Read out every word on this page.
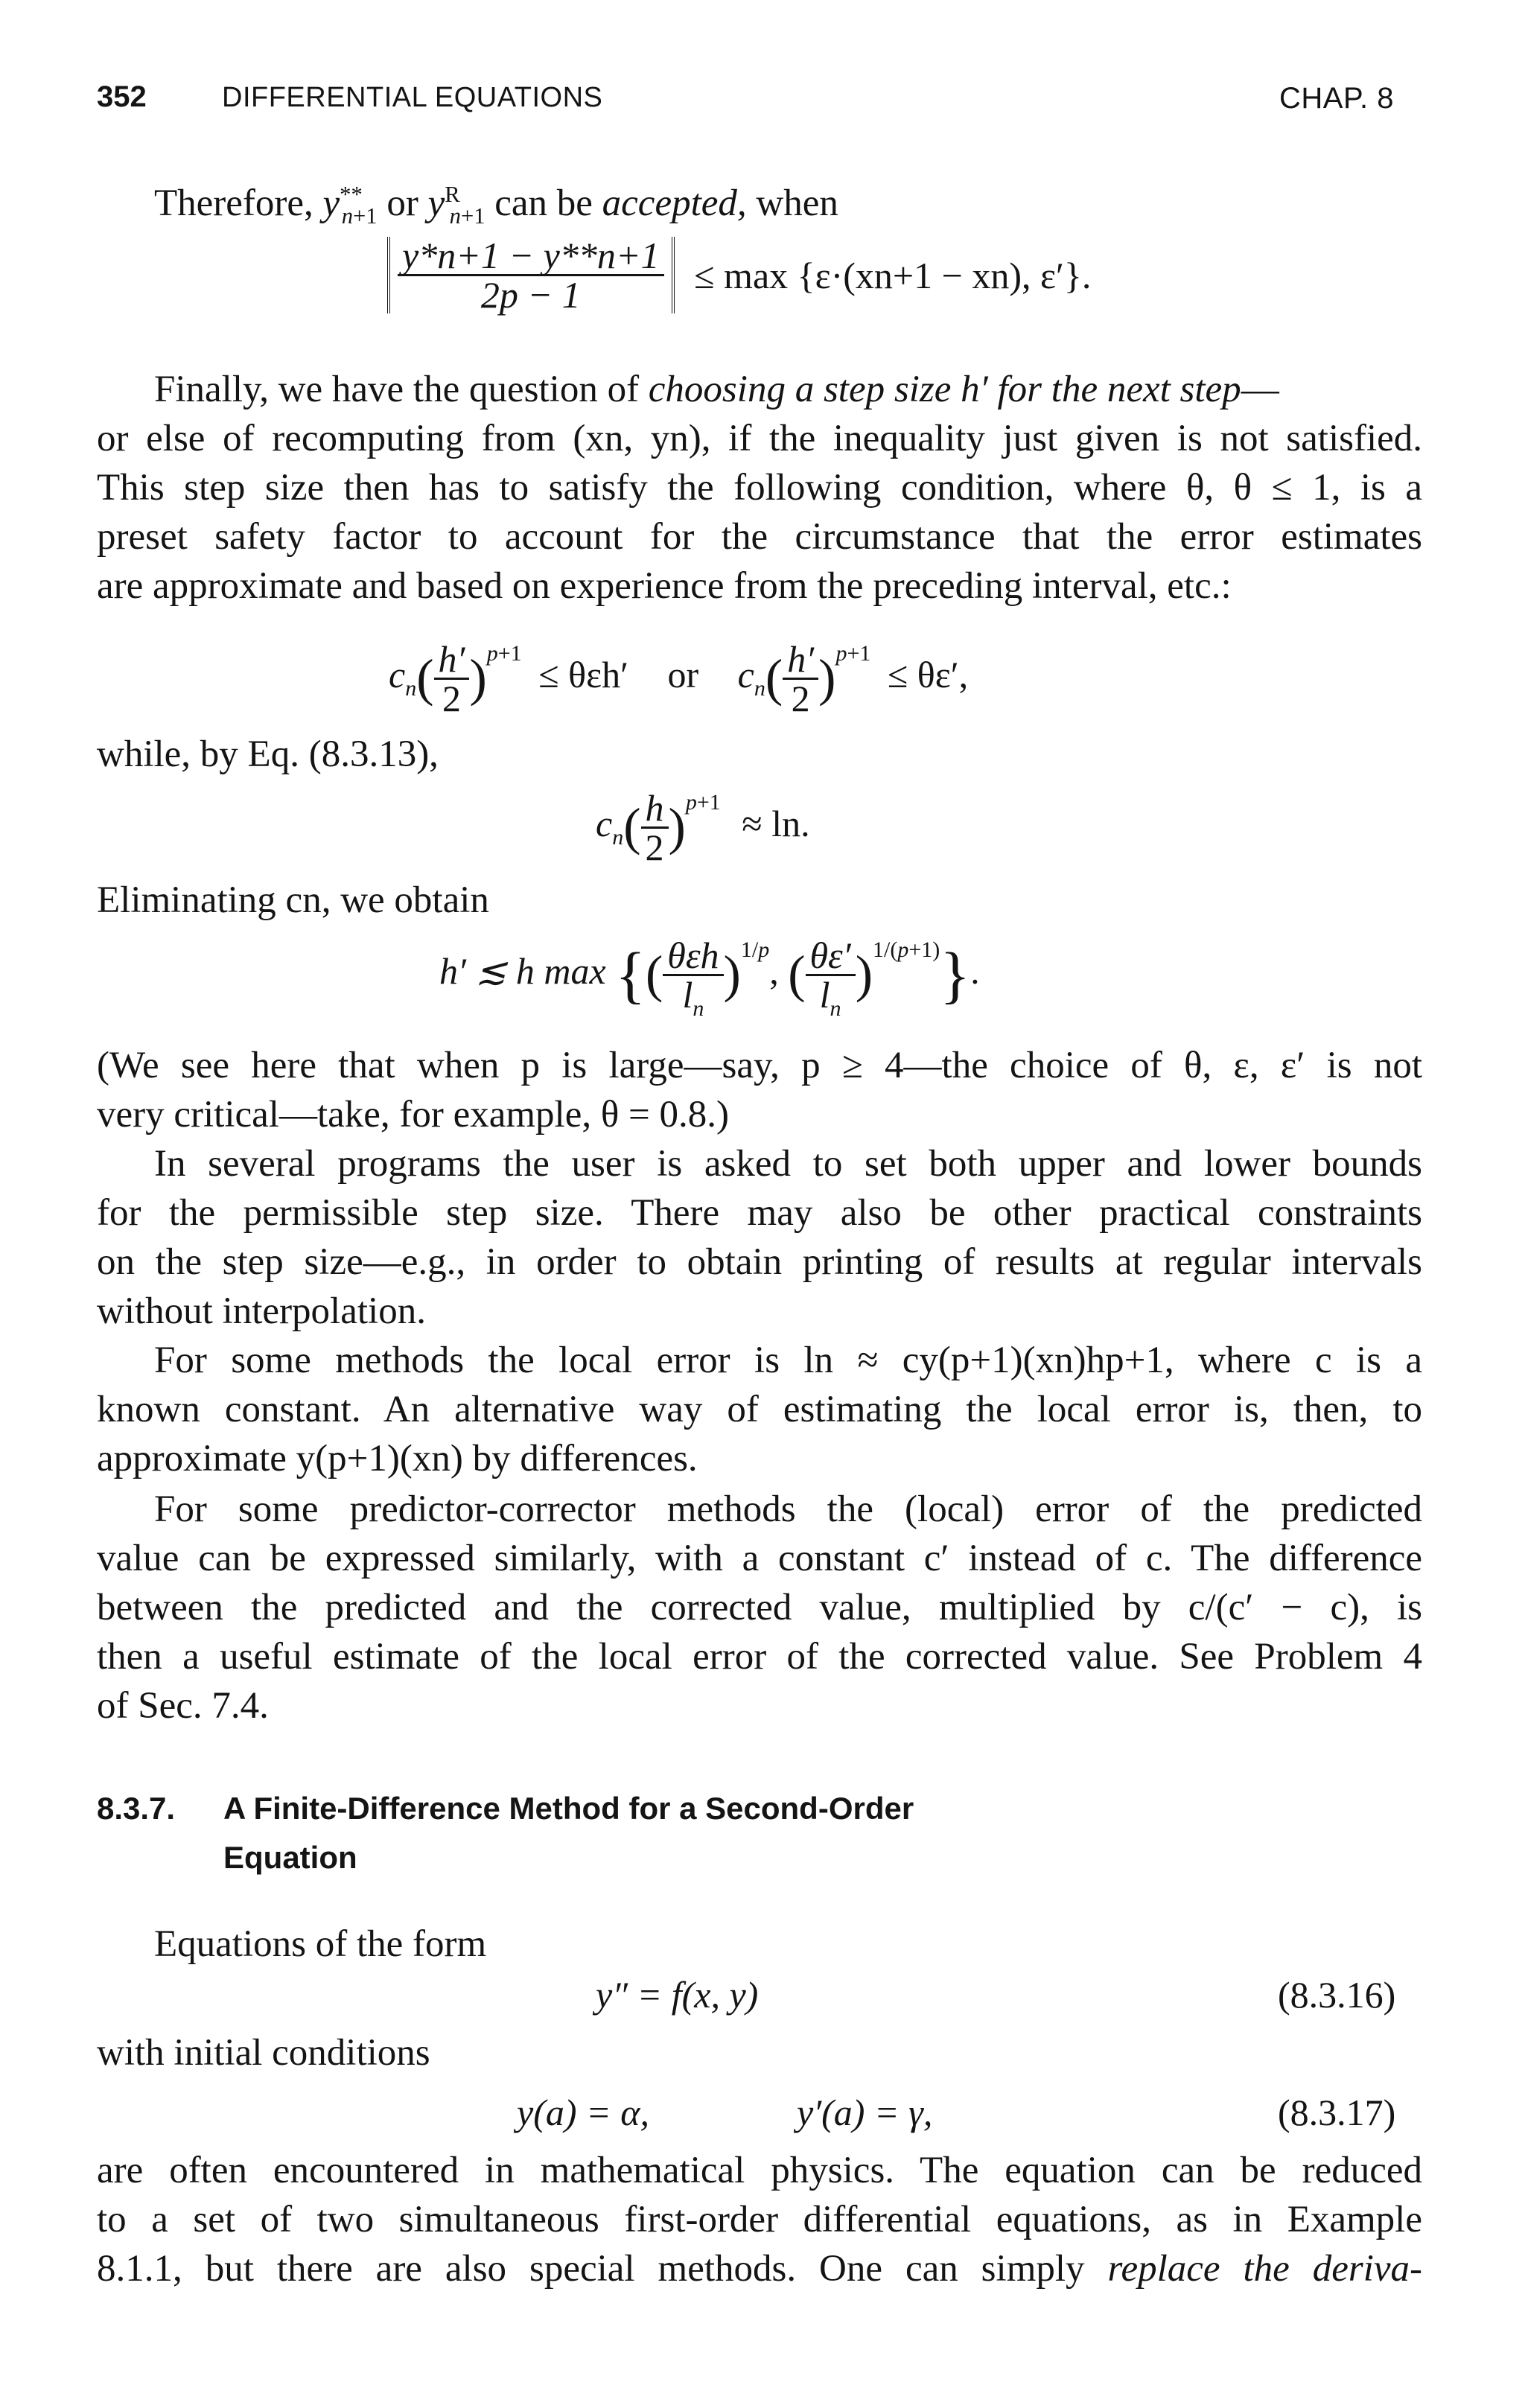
352	DIFFERENTIAL EQUATIONS	CHAP. 8
Therefore, $y^{**}_{n+1}$ or $y^R_{n+1}$ can be accepted, when
$\frac{y*n+1 - y**n+1}{2p - 1} \le \max \{\varepsilon\cdot(xn+1 - xn)$, ε′}.
Finally, we have the question of choosing a step size h′ for the next step—
or else of recomputing from (xn, yn), if the inequality just given is not satisfied.
This step size then has to satisfy the following condition, where θ, θ ≤ 1, is a
preset safety factor to account for the circumstance that the error estimates
are approximate and based on experience from the preceding interval, etc.:
$c_n( \frac{h'}{2} )^{p+1} \le \theta\varepsilon h'$ or $c_n( \frac{h'}{2} )^{p+1} \le \theta\varepsilon'$,
while, by Eq. (8.3.13),
$c_n( \frac{h}{2} )^{p+1} \approx \ln$.
Eliminating cn, we obtain
h′ ≲ h max {( $\frac{\text{θεh}}{l_n} )^{1/p}$, ( $\frac{\theta\varepsilon'}{l_n} )^{1/(p+1)}$}.
(We see here that when p is large—say, p ≥ 4—the choice of θ, ε, ε′ is not
very critical—take, for example, θ = 0.8.)
In several programs the user is asked to set both upper and lower bounds
for the permissible step size. There may also be other practical constraints
on the step size—e.g., in order to obtain printing of results at regular intervals
without interpolation.
For some methods the local error is ln ≈ cy(p+1)(xn)hp+1, where c is a
known constant. An alternative way of estimating the local error is, then, to
approximate y(p+1)(xn) by differences.
For some predictor-corrector methods the (local) error of the predicted
value can be expressed similarly, with a constant c′ instead of c. The difference
between the predicted and the corrected value, multiplied by c/(c′ − c), is
then a useful estimate of the local error of the corrected value. See Problem 4
of Sec. 7.4.
8.3.7. A Finite-Difference Method for a Second-Order
Equation
Equations of the form
y″ = f(x, y)	(8.3.16)
with initial conditions
y(a) = α,	y′(a) = γ,	(8.3.17)
are often encountered in mathematical physics. The equation can be reduced
to a set of two simultaneous first-order differential equations, as in Example
8.1.1, but there are also special methods. One can simply replace the deriva-
